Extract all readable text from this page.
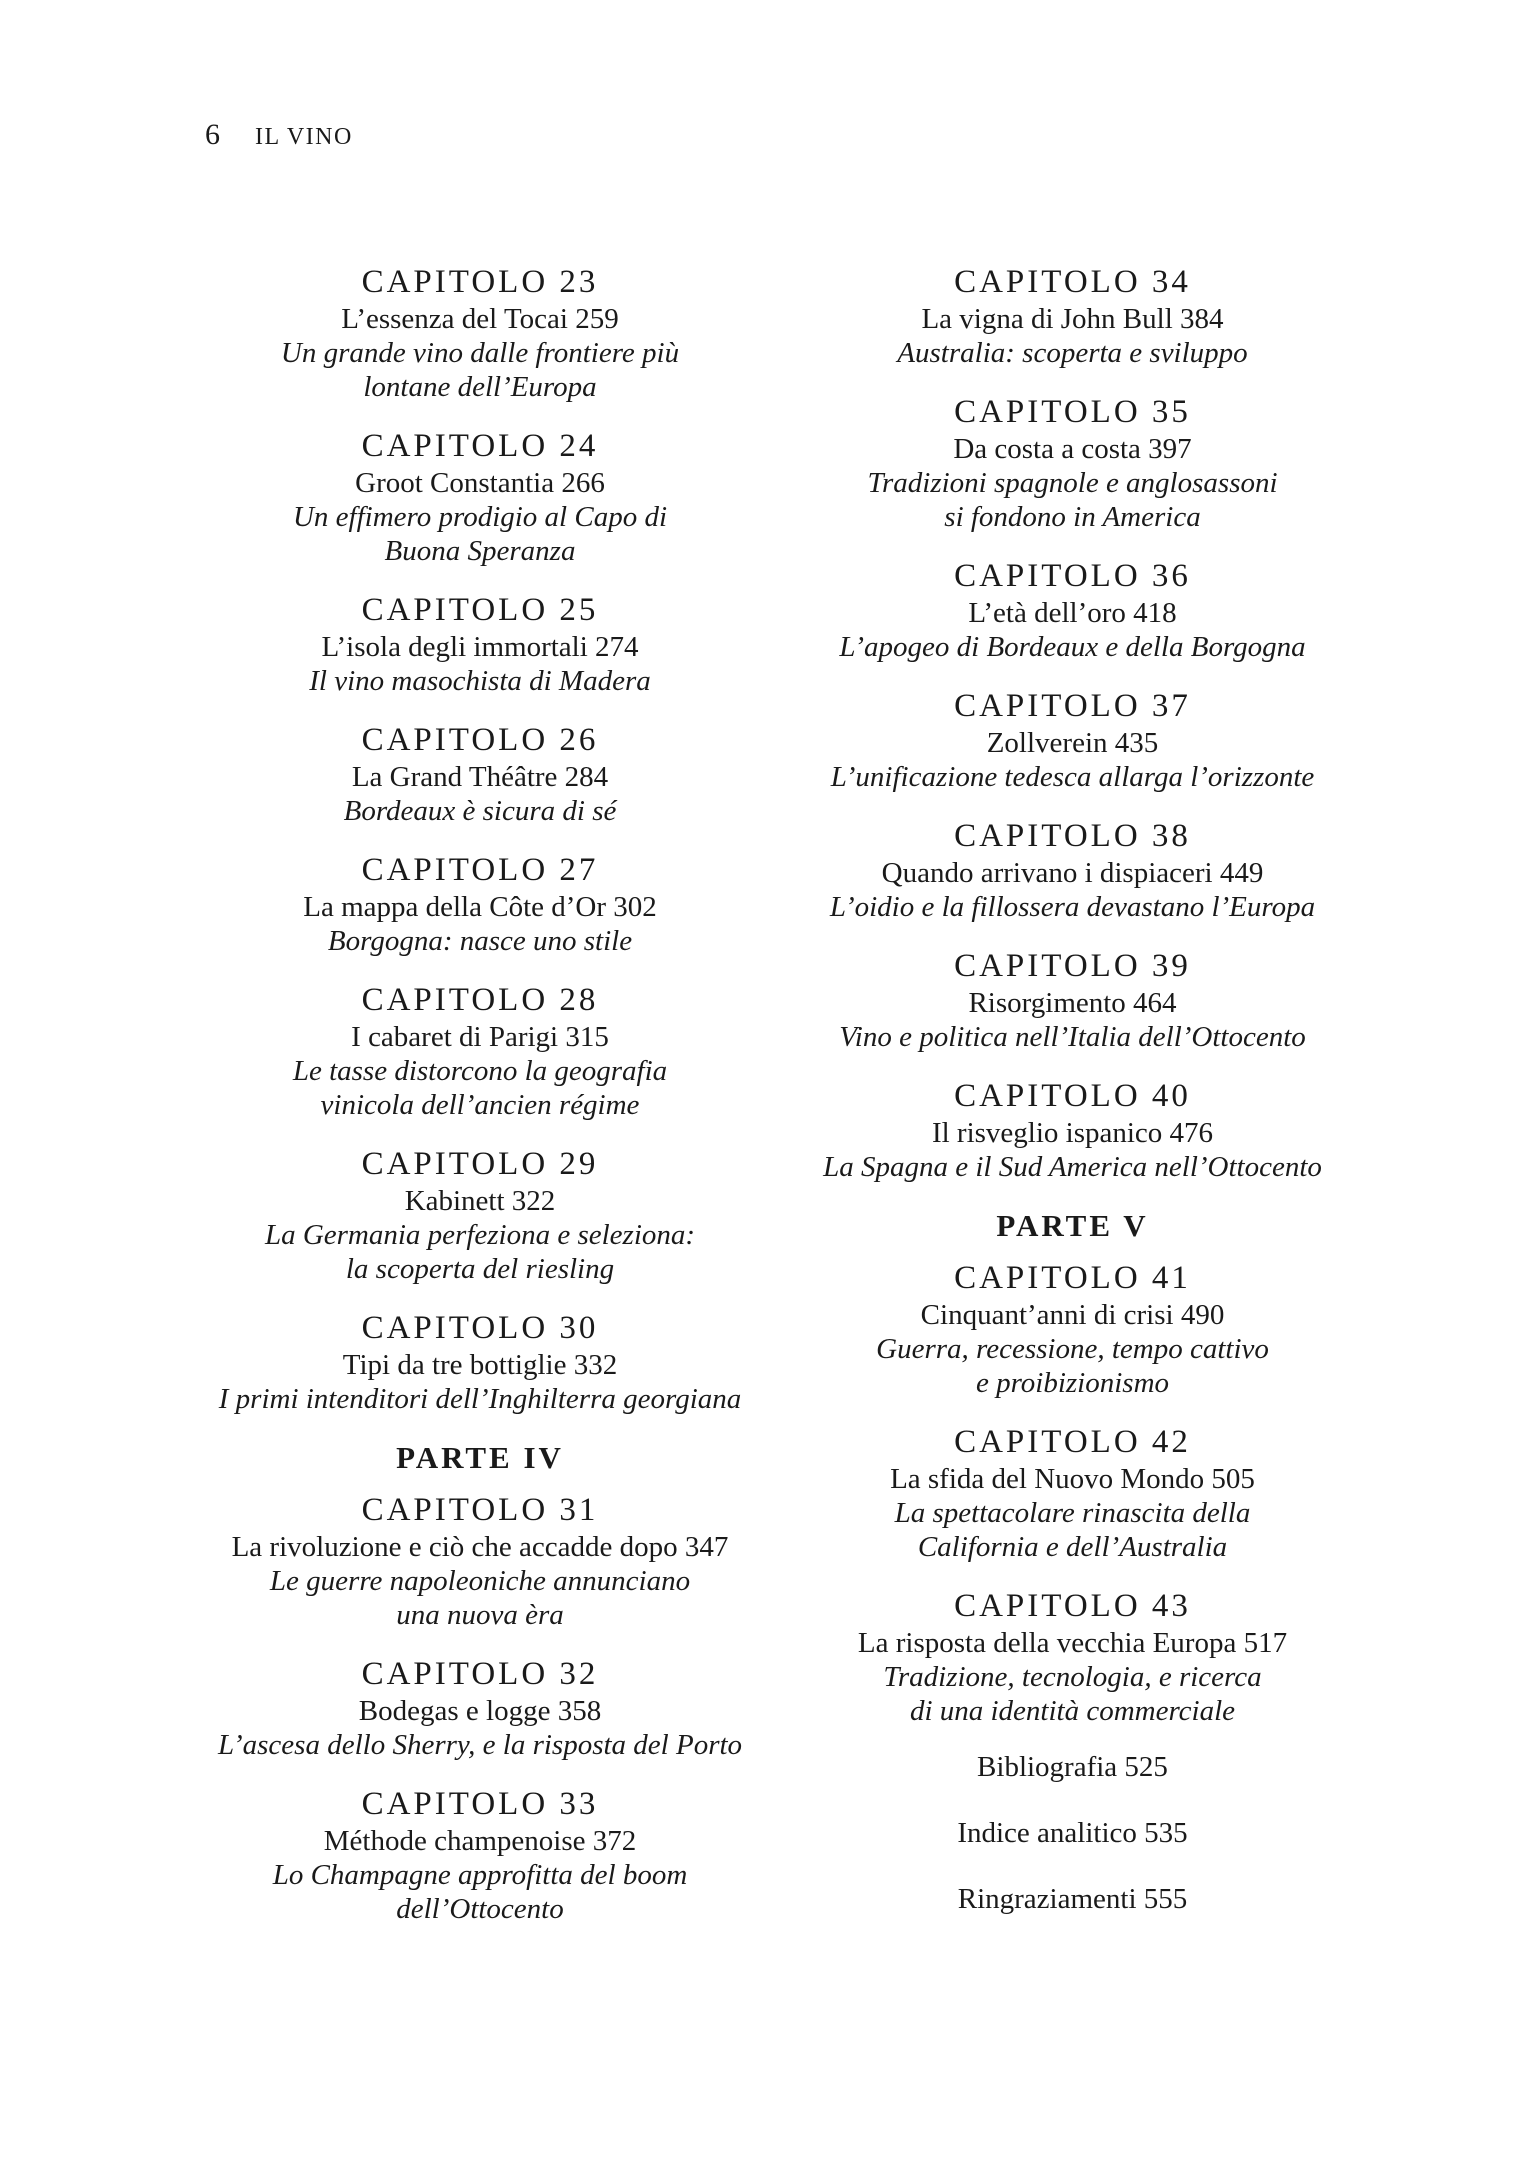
6 IL VINO
CAPITOLO 23
L’essenza del Tocai 259
Un grande vino dalle frontiere più
lontane dell’Europa
CAPITOLO 24
Groot Constantia 266
Un effimero prodigio al Capo di
Buona Speranza
CAPITOLO 25
L’isola degli immortali 274
Il vino masochista di Madera
CAPITOLO 26
La Grand Théâtre 284
Bordeaux è sicura di sé
CAPITOLO 27
La mappa della Côte d’Or 302
Borgogna: nasce uno stile
CAPITOLO 28
I cabaret di Parigi 315
Le tasse distorcono la geografia
vinicola dell’ancien régime
CAPITOLO 29
Kabinett 322
La Germania perfeziona e seleziona:
la scoperta del riesling
CAPITOLO 30
Tipi da tre bottiglie 332
I primi intenditori dell’Inghilterra georgiana
PARTE IV
CAPITOLO 31
La rivoluzione e ciò che accadde dopo 347
Le guerre napoleoniche annunciano
una nuova èra
CAPITOLO 32
Bodegas e logge 358
L’ascesa dello Sherry, e la risposta del Porto
CAPITOLO 33
Méthode champenoise 372
Lo Champagne approfitta del boom
dell’Ottocento
CAPITOLO 34
La vigna di John Bull 384
Australia: scoperta e sviluppo
CAPITOLO 35
Da costa a costa 397
Tradizioni spagnole e anglosassoni
si fondono in America
CAPITOLO 36
L’età dell’oro 418
L’apogeo di Bordeaux e della Borgogna
CAPITOLO 37
Zollverein 435
L’unificazione tedesca allarga l’orizzonte
CAPITOLO 38
Quando arrivano i dispiaceri 449
L’oidio e la fillossera devastano l’Europa
CAPITOLO 39
Risorgimento 464
Vino e politica nell’Italia dell’Ottocento
CAPITOLO 40
Il risveglio ispanico 476
La Spagna e il Sud America nell’Ottocento
PARTE V
CAPITOLO 41
Cinquant’anni di crisi 490
Guerra, recessione, tempo cattivo
e proibizionismo
CAPITOLO 42
La sfida del Nuovo Mondo 505
La spettacolare rinascita della
California e dell’Australia
CAPITOLO 43
La risposta della vecchia Europa 517
Tradizione, tecnologia, e ricerca
di una identità commerciale
Bibliografia 525
Indice analitico 535
Ringraziamenti 555
